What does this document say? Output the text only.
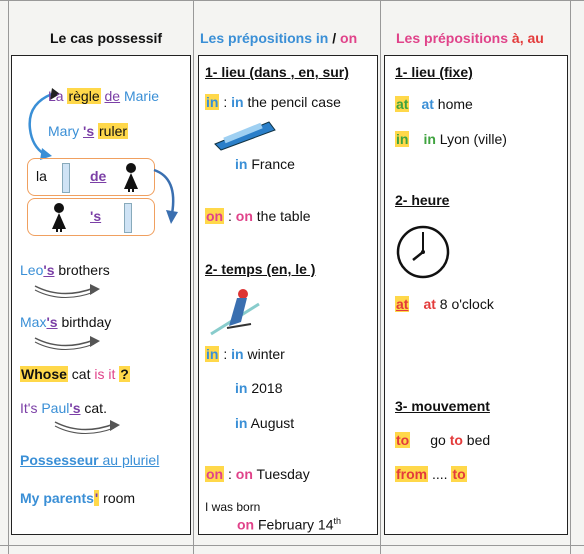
Le cas possessif
La règle de Marie
Mary 's ruler
la	de
's
Leo's brothers
Max's birthday
Whose cat is it ?
It's Paul's cat.
Possesseur au pluriel
My parents' room
Les prépositions in / on
1- lieu (dans , en, sur)
in : in the pencil case
in France
on : on the table
2- temps (en, le )
in : in winter
in 2018
in August
on : on Tuesday
I was born
on February 14th
Les prépositions à, au
1- lieu (fixe)
at at home
in in Lyon (ville)
2- heure
at at 8 o'clock
3- mouvement
to go to bed
from .... to
